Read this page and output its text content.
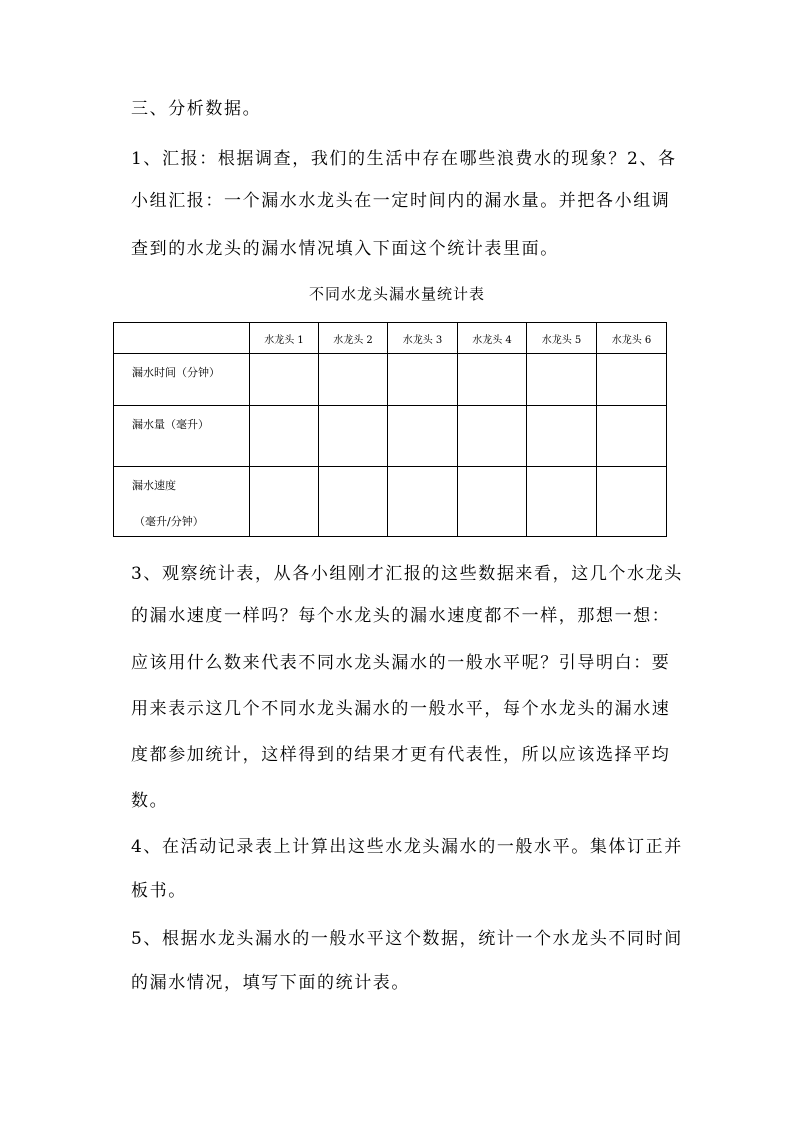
三、分析数据。
1、汇报：根据调查，我们的生活中存在哪些浪费水的现象？2、各
小组汇报：一个漏水水龙头在一定时间内的漏水量。并把各小组调
查到的水龙头的漏水情况填入下面这个统计表里面。
不同水龙头漏水量统计表
	水龙头 1	水龙头 2	水龙头 3	水龙头 4	水龙头 5	水龙头 6

漏水时间（分钟）						

漏水量（毫升）						

漏水速度
（毫升/分钟）						

3、观察统计表，从各小组刚才汇报的这些数据来看，这几个水龙头
的漏水速度一样吗？每个水龙头的漏水速度都不一样，那想一想：
应该用什么数来代表不同水龙头漏水的一般水平呢？引导明白：要
用来表示这几个不同水龙头漏水的一般水平，每个水龙头的漏水速
度都参加统计，这样得到的结果才更有代表性，所以应该选择平均
数。
4、在活动记录表上计算出这些水龙头漏水的一般水平。集体订正并
板书。
5、根据水龙头漏水的一般水平这个数据，统计一个水龙头不同时间
的漏水情况，填写下面的统计表。
